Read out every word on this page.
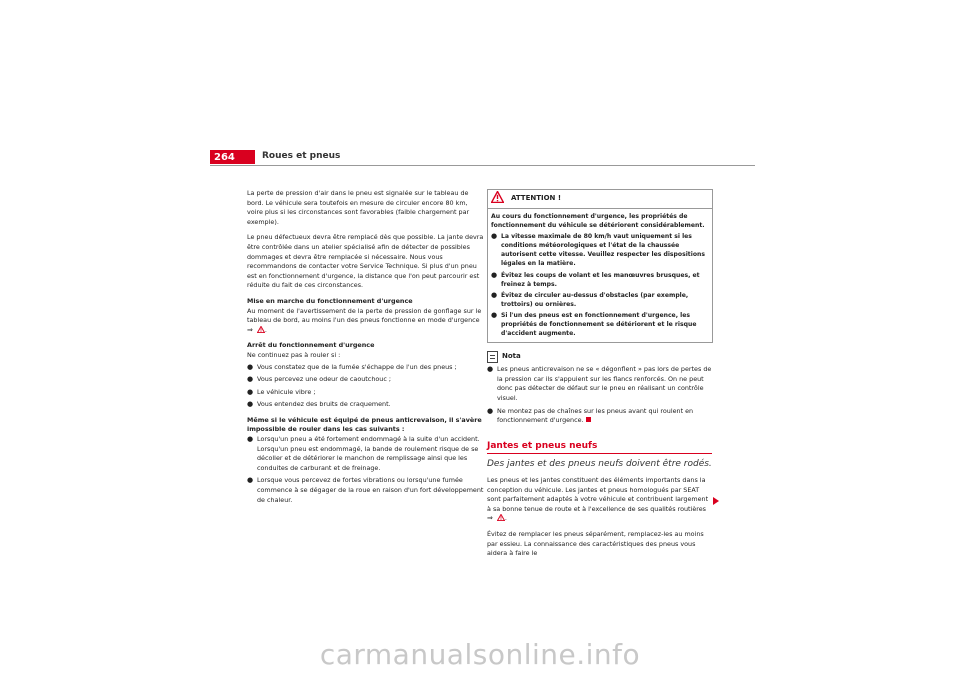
264	Roues et pneus

La perte de pression d'air dans le pneu est signalée sur le tableau de bord. Le véhicule sera toutefois en mesure de circuler encore 80 km, voire plus si les circonstances sont favorables (faible chargement par exemple).

Le pneu défectueux devra être remplacé dès que possible. La jante devra être contrôlée dans un atelier spécialisé afin de détecter de possibles dommages et devra être remplacée si nécessaire. Nous vous recommandons de contacter votre Service Technique. Si plus d'un pneu est en fonctionnement d'urgence, la distance que l'on peut parcourir est réduite du fait de ces circonstances.

Mise en marche du fonctionnement d'urgence

Au moment de l'avertissement de la perte de pression de gonflage sur le tableau de bord, au moins l'un des pneus fonctionne en mode d'urgence ⇒ .

Arrêt du fonctionnement d'urgence

Ne continuez pas à rouler si :

● Vous constatez que de la fumée s'échappe de l'un des pneus ;
● Vous percevez une odeur de caoutchouc ;
● Le véhicule vibre ;
● Vous entendez des bruits de craquement.

Même si le véhicule est équipé de pneus anticrevaison, il s'avère impossible de rouler dans les cas suivants :

● Lorsqu'un pneu a été fortement endommagé à la suite d'un accident. Lorsqu'un pneu est endommagé, la bande de roulement risque de se décoller et de détériorer le manchon de remplissage ainsi que les conduites de carburant et de freinage.
● Lorsque vous percevez de fortes vibrations ou lorsqu'une fumée commence à se dégager de la roue en raison d'un fort développement de chaleur.
ATTENTION !

Au cours du fonctionnement d'urgence, les propriétés de fonctionnement du véhicule se détériorent considérablement.

● La vitesse maximale de 80 km/h vaut uniquement si les conditions météorologiques et l'état de la chaussée autorisent cette vitesse. Veuillez respecter les dispositions légales en la matière.
● Évitez les coups de volant et les manœuvres brusques, et freinez à temps.
● Évitez de circuler au-dessus d'obstacles (par exemple, trottoirs) ou ornières.
● Si l'un des pneus est en fonctionnement d'urgence, les propriétés de fonctionnement se détériorent et le risque d'accident augmente.
Nota
● Les pneus anticrevaison ne se « dégonflent » pas lors de pertes de la pression car ils s'appuient sur les flancs renforcés. On ne peut donc pas détecter de défaut sur le pneu en réalisant un contrôle visuel.
● Ne montez pas de chaînes sur les pneus avant qui roulent en fonctionnement d'urgence.
Jantes et pneus neufs
Des jantes et des pneus neufs doivent être rodés.

Les pneus et les jantes constituent des éléments importants dans la conception du véhicule. Les jantes et pneus homologués par SEAT sont parfaitement adaptés à votre véhicule et contribuent largement à sa bonne tenue de route et à l'excellence de ses qualités routières ⇒ .

Évitez de remplacer les pneus séparément, remplacez-les au moins par essieu. La connaissance des caractéristiques des pneus vous aidera à faire le

carmanualsonline.info
